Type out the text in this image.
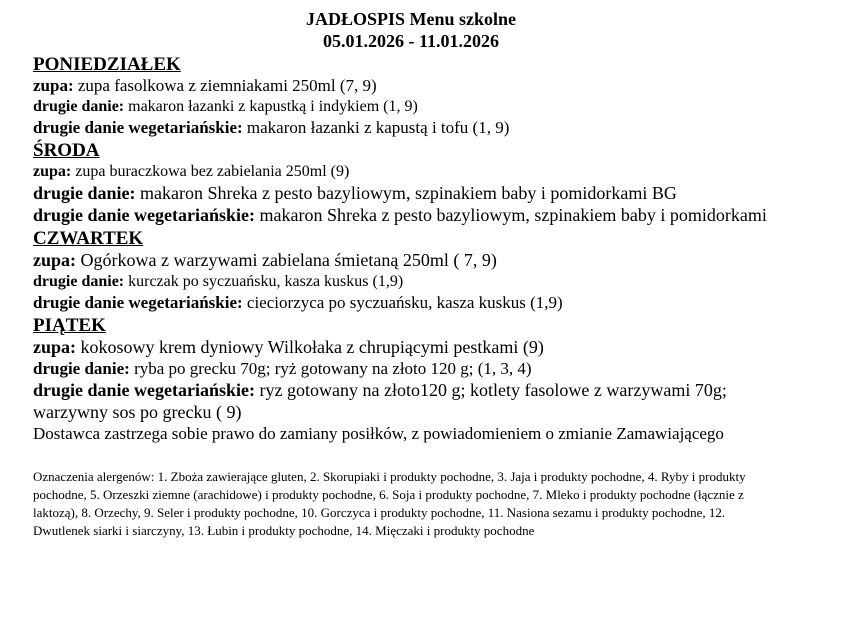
JADŁOSPIS Menu szkolne

05.01.2026 - 11.01.2026

PONIEDZIAŁEK

zupa: zupa fasolkowa z ziemniakami 250ml (7, 9)

drugie danie: makaron łazanki z kapustką i indykiem (1, 9)

drugie danie wegetariańskie: makaron łazanki z kapustą i tofu (1, 9)

ŚRODA

zupa: zupa buraczkowa bez zabielania 250ml (9)

drugie danie: makaron Shreka z pesto bazyliowym, szpinakiem baby i pomidorkami BG

drugie danie wegetariańskie: makaron Shreka z pesto bazyliowym, szpinakiem baby i pomidorkami

CZWARTEK

zupa: Ogórkowa z warzywami zabielana śmietaną 250ml ( 7, 9)

drugie danie: kurczak po syczuańsku, kasza kuskus (1,9)

drugie danie wegetariańskie: cieciorzyca po syczuańsku, kasza kuskus (1,9)

PIĄTEK

zupa: kokosowy krem dyniowy Wilkołaka z chrupiącymi pestkami (9)

drugie danie: ryba po grecku 70g; ryż gotowany na złoto 120 g; (1, 3, 4)

drugie danie wegetariańskie: ryz gotowany na złoto120 g; kotlety fasolowe z warzywami 70g; warzywny sos po grecku ( 9)

Dostawca zastrzega sobie prawo do zamiany posiłków, z powiadomieniem o zmianie Zamawiającego

Oznaczenia alergenów: 1. Zboża zawierające gluten, 2. Skorupiaki i produkty pochodne, 3. Jaja i produkty pochodne, 4. Ryby i produkty pochodne, 5. Orzeszki ziemne (arachidowe) i produkty pochodne, 6. Soja i produkty pochodne, 7. Mleko i produkty pochodne (łącznie z laktozą), 8. Orzechy, 9. Seler i produkty pochodne, 10. Gorczyca i produkty pochodne, 11. Nasiona sezamu i produkty pochodne, 12. Dwutlenek siarki i siarczyny, 13. Łubin i produkty pochodne, 14. Mięczaki i produkty pochodne
